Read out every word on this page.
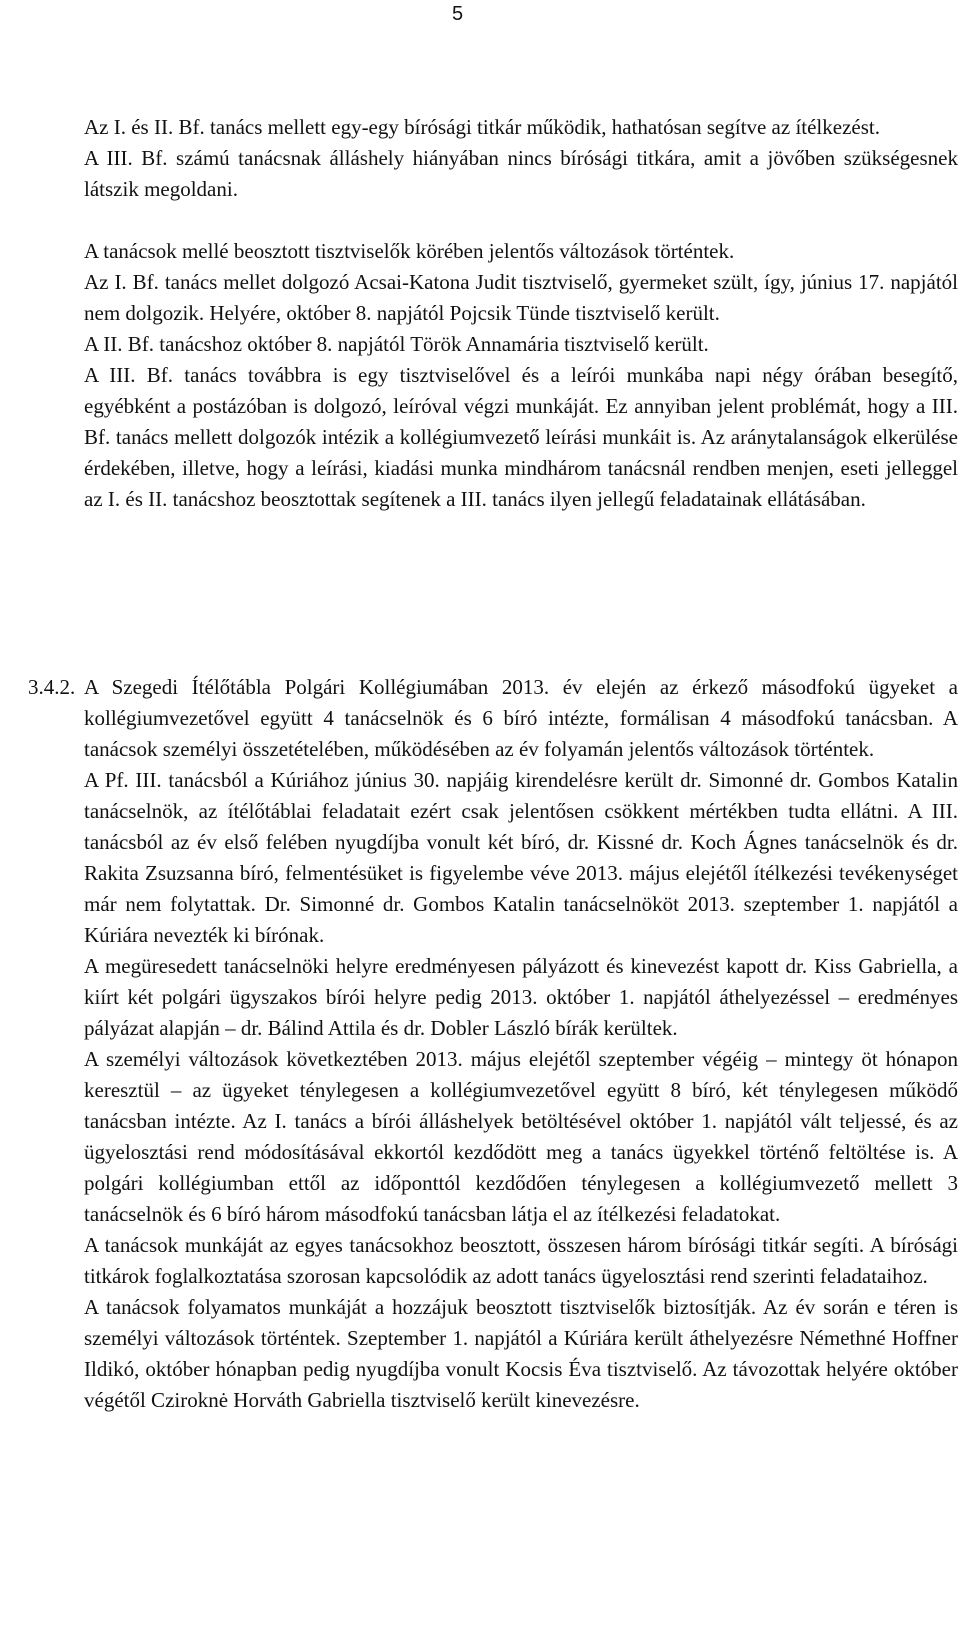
5

Az I. és II. Bf. tanács mellett egy-egy bírósági titkár működik, hathatósan segítve az ítélkezést.

A III. Bf. számú tanácsnak álláshely hiányában nincs bírósági titkára, amit a jövőben szükségesnek látszik megoldani.

A tanácsok mellé beosztott tisztviselők körében jelentős változások történtek.

Az I. Bf. tanács mellet dolgozó Acsai-Katona Judit tisztviselő, gyermeket szült, így, június 17. napjától nem dolgozik. Helyére, október 8. napjától Pojcsik Tünde tisztviselő került.

A II. Bf. tanácshoz október 8. napjától Török Annamária tisztviselő került.

A III. Bf. tanács továbbra is egy tisztviselővel és a leírói munkába napi négy órában besegítő, egyébként a postázóban is dolgozó, leíróval végzi munkáját. Ez annyiban jelent problémát, hogy a III. Bf. tanács mellett dolgozók intézik a kollégiumvezető leírási munkáit is. Az aránytalanságok elkerülése érdekében, illetve, hogy a leírási, kiadási munka mindhárom tanácsnál rendben menjen, eseti jelleggel az I. és II. tanácshoz beosztottak segítenek a III. tanács ilyen jellegű feladatainak ellátásában.

3.4.2. A Szegedi Ítélőtábla Polgári Kollégiumában 2013. év elején az érkező másodfokú ügyeket a kollégiumvezetővel együtt 4 tanácselnök és 6 bíró intézte, formálisan 4 másodfokú tanácsban. A tanácsok személyi összetételében, működésében az év folyamán jelentős változások történtek.

A Pf. III. tanácsból a Kúriához június 30. napjáig kirendelésre került dr. Simonné dr. Gombos Katalin tanácselnök, az ítélőtáblai feladatait ezért csak jelentősen csökkent mértékben tudta ellátni. A III. tanácsból az év első felében nyugdíjba vonult két bíró, dr. Kissné dr. Koch Ágnes tanácselnök és dr. Rakita Zsuzsanna bíró, felmentésüket is figyelembe véve 2013. május elejétől ítélkezési tevékenységet már nem folytattak. Dr. Simonné dr. Gombos Katalin tanácselnököt 2013. szeptember 1. napjától a Kúriára nevezték ki bírónak.

A megüresedett tanácselnöki helyre eredményesen pályázott és kinevezést kapott dr. Kiss Gabriella, a kiírt két polgári ügyszakos bírói helyre pedig 2013. október 1. napjától áthelyezéssel – eredményes pályázat alapján – dr. Bálind Attila és dr. Dobler László bírák kerültek.

A személyi változások következtében 2013. május elejétől szeptember végéig – mintegy öt hónapon keresztül – az ügyeket ténylegesen a kollégiumvezetővel együtt 8 bíró, két ténylegesen működő tanácsban intézte. Az I. tanács a bírói álláshelyek betöltésével október 1. napjától vált teljessé, és az ügyelosztási rend módosításával ekkortól kezdődött meg a tanács ügyekkel történő feltöltése is. A polgári kollégiumban ettől az időponttól kezdődően ténylegesen a kollégiumvezető mellett 3 tanácselnök és 6 bíró három másodfokú tanácsban látja el az ítélkezési feladatokat.

A tanácsok munkáját az egyes tanácsokhoz beosztott, összesen három bírósági titkár segíti. A bírósági titkárok foglalkoztatása szorosan kapcsolódik az adott tanács ügyelosztási rend szerinti feladataihoz.

A tanácsok folyamatos munkáját a hozzájuk beosztott tisztviselők biztosítják. Az év során e téren is személyi változások történtek. Szeptember 1. napjától a Kúriára került áthelyezésre Némethné Hoffner Ildikó, október hónapban pedig nyugdíjba vonult Kocsis Éva tisztviselő. Az távozottak helyére október végétől Cziroknė Horváth Gabriella tisztviselő került kinevezésre.
